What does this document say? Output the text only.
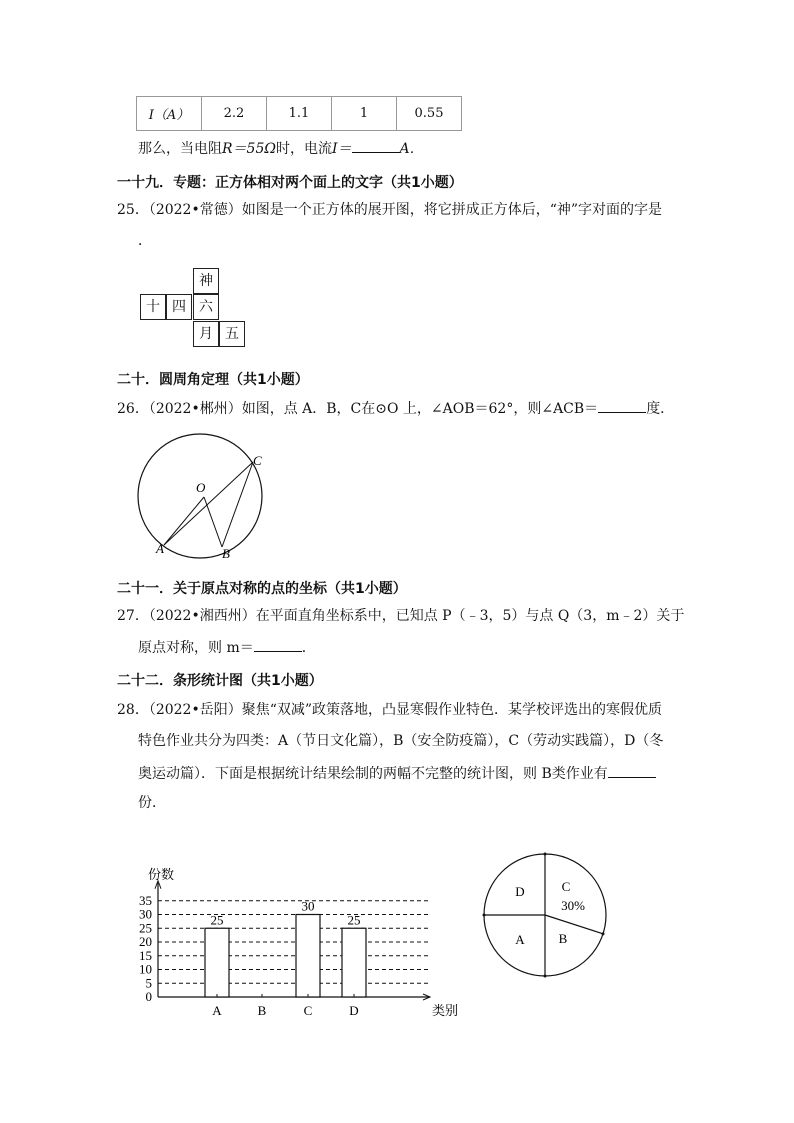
I（A）	2.2	1.1	1	0.55
那么，当电阻R＝55Ω时，电流I＝	A．
一十九．专题：正方体相对两个面上的文字（共1小题）
25．（2022•常德）如图是一个正方体的展开图，将它拼成正方体后，“神”字对面的字是
．
神
十 四 六
月 五
二十．圆周角定理（共1小题）
26．（2022•郴州）如图，点 A．B，C在⊙O 上，∠AOB＝62°，则∠ACB＝	度．
C
O
A	B
二十一．关于原点对称的点的坐标（共1小题）
27．（2022•湘西州）在平面直角坐标系中，已知点 P（﹣3，5）与点 Q（3，m﹣2）关于
原点对称，则 m＝	．
二十二．条形统计图（共1小题）
28．（2022•岳阳）聚焦“双减”政策落地，凸显寒假作业特色．某学校评选出的寒假优质
特色作业共分为四类：A（节日文化篇），B（安全防疫篇），C（劳动实践篇），D（冬
奥运动篇）．下面是根据统计结果绘制的两幅不完整的统计图，则 B类作业有
份．
0
5
10
15
20
25
30
35
份数
类别
25
A	B
30
C
25
D
C
D
A	B
30%
